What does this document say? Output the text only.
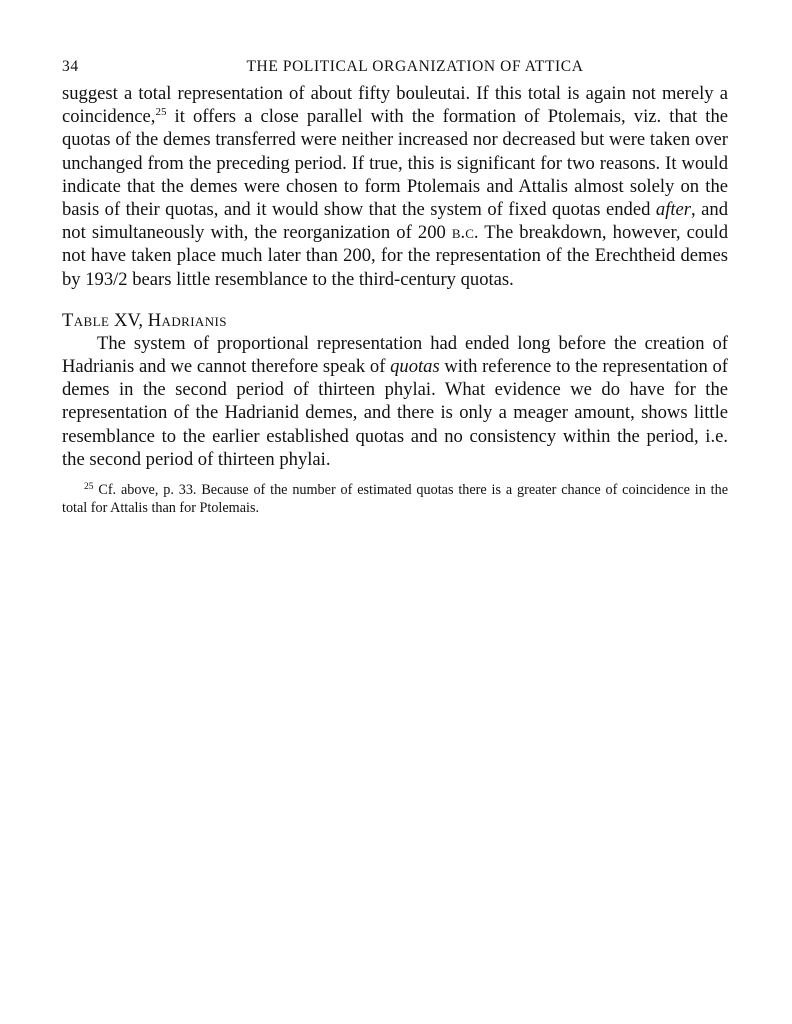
34	THE POLITICAL ORGANIZATION OF ATTICA

suggest a total representation of about fifty bouleutai. If this total is again not merely a coincidence,$^{25}$ it offers a close parallel with the formation of Ptolemais, viz. that the quotas of the demes transferred were neither increased nor decreased but were taken over unchanged from the preceding period. If true, this is significant for two reasons. It would indicate that the demes were chosen to form Ptolemais and Attalis almost solely on the basis of their quotas, and it would show that the system of fixed quotas ended after, and not simultaneously with, the reorganization of 200 b.c. The breakdown, however, could not have taken place much later than 200, for the representation of the Erechtheid demes by 193/2 bears little resemblance to the third-century quotas.

Table XV, Hadrianis

The system of proportional representation had ended long before the creation of Hadrianis and we cannot therefore speak of quotas with reference to the representation of demes in the second period of thirteen phylai. What evidence we do have for the representation of the Hadrianid demes, and there is only a meager amount, shows little resemblance to the earlier established quotas and no consistency within the period, i.e. the second period of thirteen phylai.

$^{25}$ Cf. above, p. 33. Because of the number of estimated quotas there is a greater chance of coincidence in the total for Attalis than for Ptolemais.
